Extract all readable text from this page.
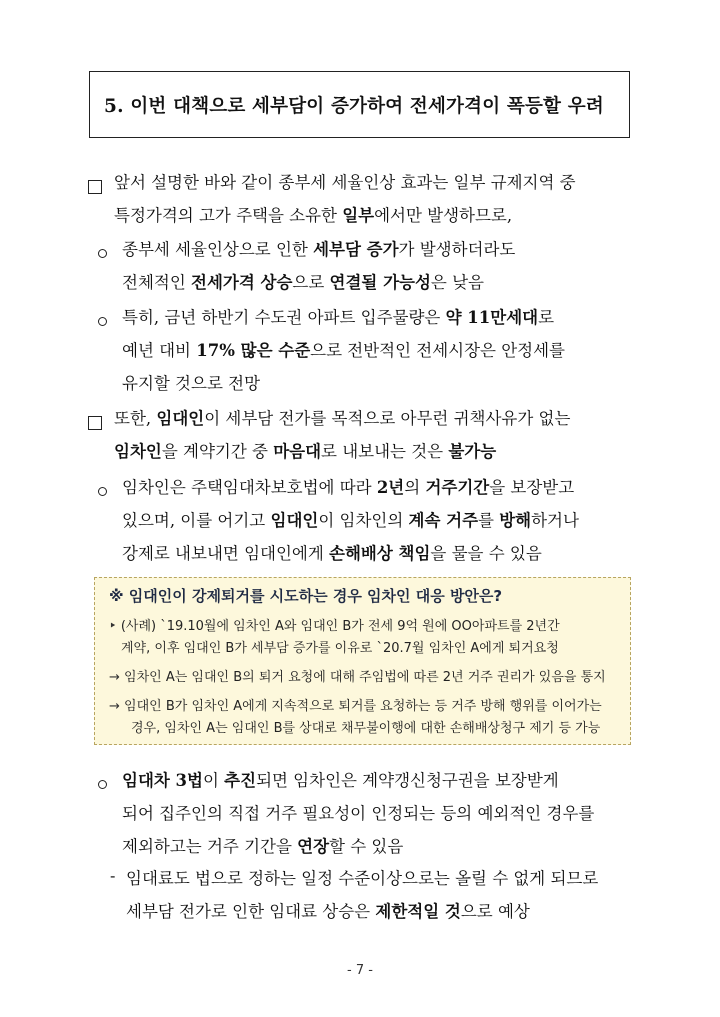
5. 이번 대책으로 세부담이 증가하여 전세가격이 폭등할 우려
앞서 설명한 바와 같이 종부세 세율인상 효과는 일부 규제지역 중
특정가격의 고가 주택을 소유한 일부에서만 발생하므로,
종부세 세율인상으로 인한 세부담 증가가 발생하더라도
전체적인 전세가격 상승으로 연결될 가능성은 낮음
특히, 금년 하반기 수도권 아파트 입주물량은 약 11만세대로
예년 대비 17% 많은 수준으로 전반적인 전세시장은 안정세를
유지할 것으로 전망
또한, 임대인이 세부담 전가를 목적으로 아무런 귀책사유가 없는
임차인을 계약기간 중 마음대로 내보내는 것은 불가능
임차인은 주택임대차보호법에 따라 2년의 거주기간을 보장받고
있으며, 이를 어기고 임대인이 임차인의 계속 거주를 방해하거나
강제로 내보내면 임대인에게 손해배상 책임을 물을 수 있음
※ 임대인이 강제퇴거를 시도하는 경우 임차인 대응 방안은?
‣ (사례) `19.10월에 임차인 A와 임대인 B가 전세 9억 원에 OO아파트를 2년간
계약, 이후 임대인 B가 세부담 증가를 이유로 `20.7월 임차인 A에게 퇴거요청
→ 임차인 A는 임대인 B의 퇴거 요청에 대해 주임법에 따른 2년 거주 권리가 있음을 통지
→ 임대인 B가 임차인 A에게 지속적으로 퇴거를 요청하는 등 거주 방해 행위를 이어가는
경우, 임차인 A는 임대인 B를 상대로 채무불이행에 대한 손해배상청구 제기 등 가능
임대차 3법이 추진되면 임차인은 계약갱신청구권을 보장받게
되어 집주인의 직접 거주 필요성이 인정되는 등의 예외적인 경우를
제외하고는 거주 기간을 연장할 수 있음
- 임대료도 법으로 정하는 일정 수준이상으로는 올릴 수 없게 되므로
세부담 전가로 인한 임대료 상승은 제한적일 것으로 예상
- 7 -
